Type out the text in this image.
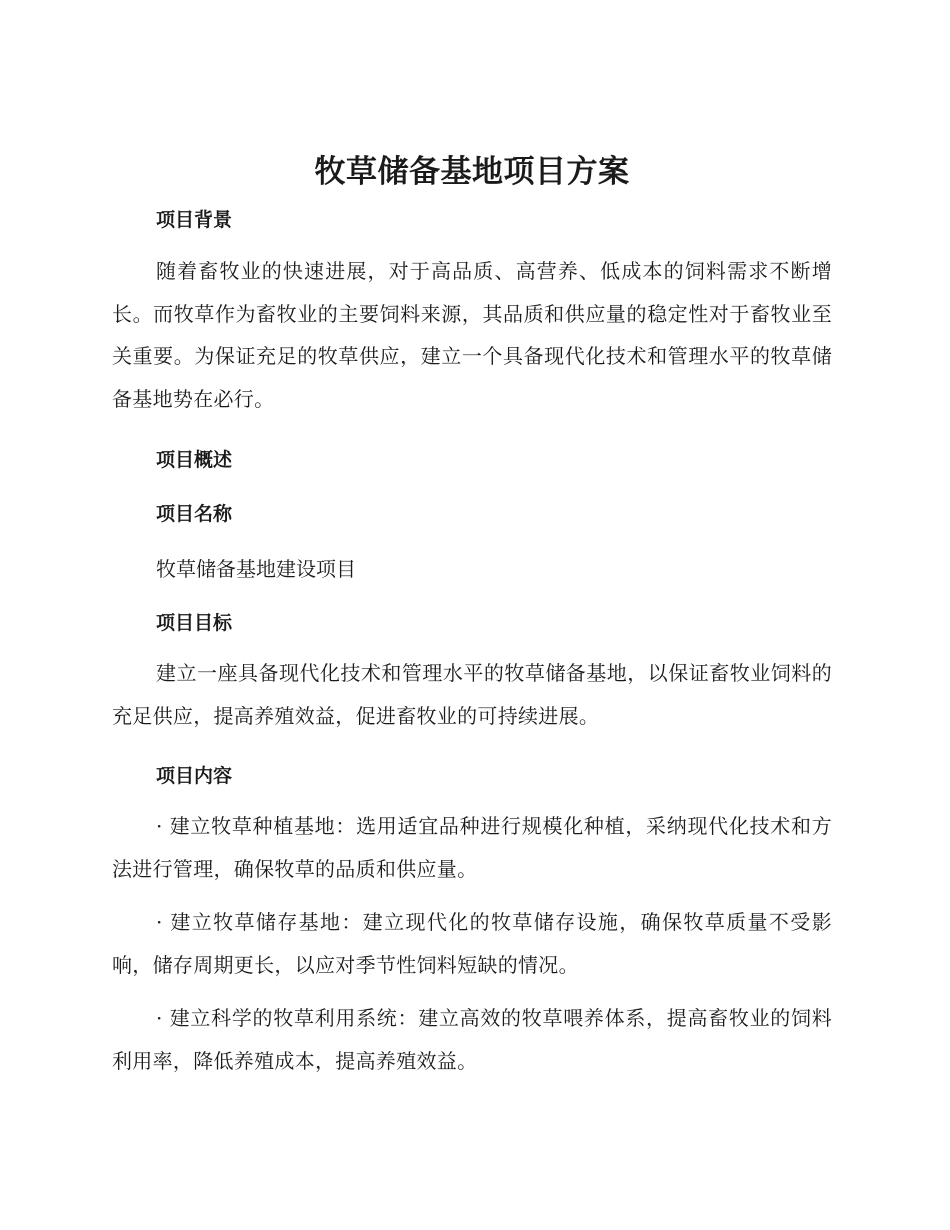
牧草储备基地项目方案
项目背景

随着畜牧业的快速进展，对于高品质、高营养、低成本的饲料需求不断增长。而牧草作为畜牧业的主要饲料来源，其品质和供应量的稳定性对于畜牧业至关重要。为保证充足的牧草供应，建立一个具备现代化技术和管理水平的牧草储备基地势在必行。

项目概述
项目名称

牧草储备基地建设项目

项目目标

建立一座具备现代化技术和管理水平的牧草储备基地，以保证畜牧业饲料的充足供应，提高养殖效益，促进畜牧业的可持续进展。

项目内容

· 建立牧草种植基地：选用适宜品种进行规模化种植，采纳现代化技术和方法进行管理，确保牧草的品质和供应量。

· 建立牧草储存基地：建立现代化的牧草储存设施，确保牧草质量不受影响，储存周期更长，以应对季节性饲料短缺的情况。

· 建立科学的牧草利用系统：建立高效的牧草喂养体系，提高畜牧业的饲料利用率，降低养殖成本，提高养殖效益。
